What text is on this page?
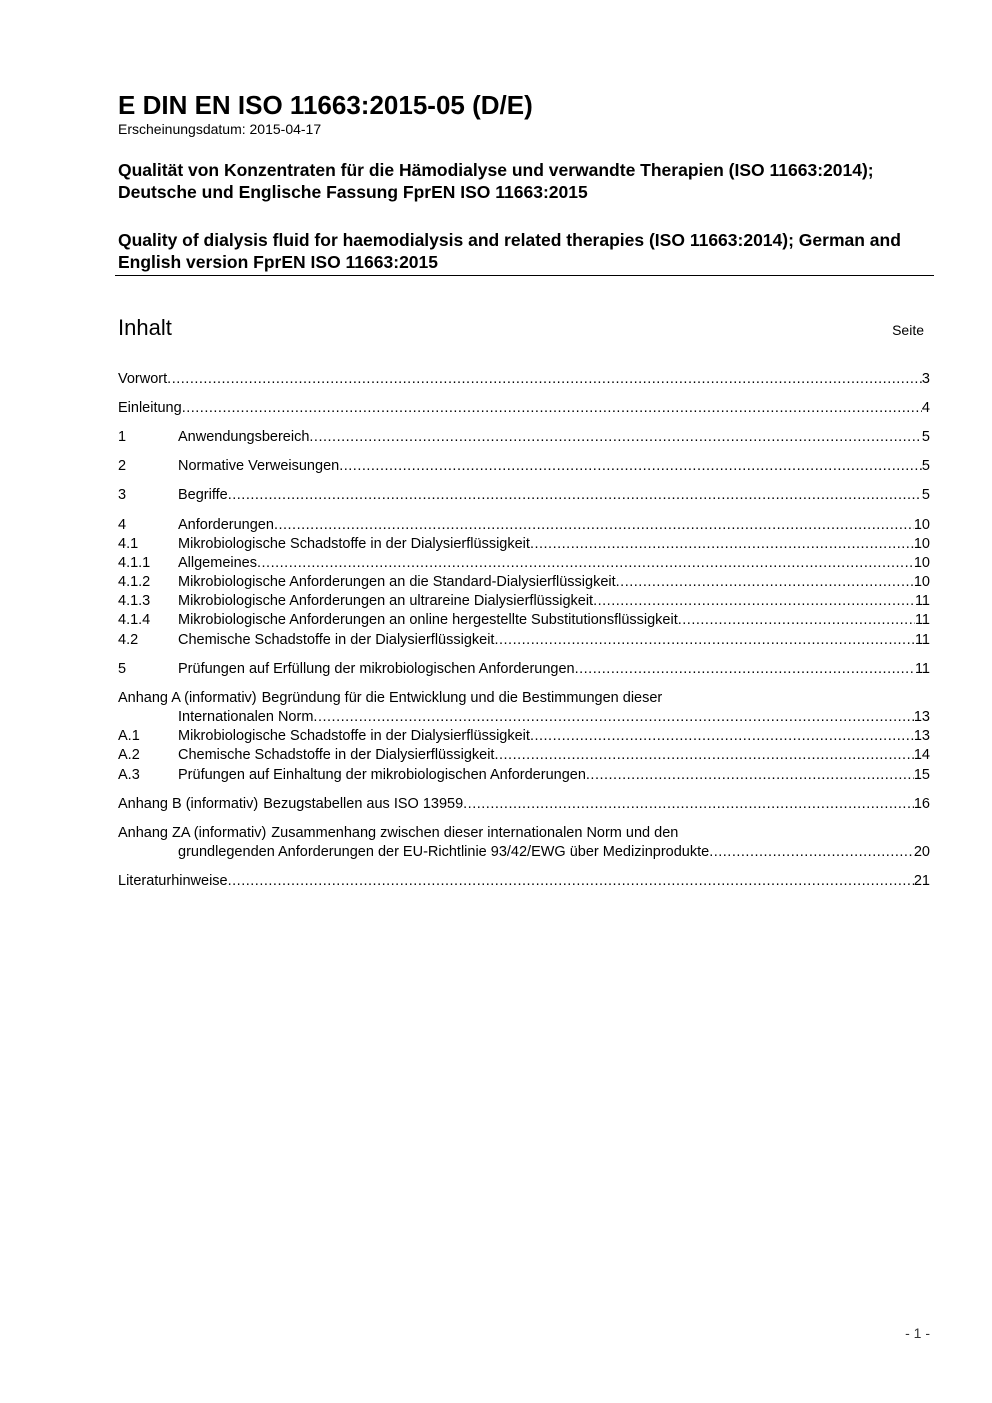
E DIN EN ISO 11663:2015-05 (D/E)
Erscheinungsdatum: 2015-04-17
Qualität von Konzentraten für die Hämodialyse und verwandte Therapien (ISO 11663:2014); Deutsche und Englische Fassung FprEN ISO 11663:2015
Quality of dialysis fluid for haemodialysis and related therapies (ISO 11663:2014); German and English version FprEN ISO 11663:2015
Inhalt	Seite
Vorwort .....	3
Einleitung .....	4
1	Anwendungsbereich .....	5
2	Normative Verweisungen .....	5
3	Begriffe .....	5
4	Anforderungen .....	10
4.1	Mikrobiologische Schadstoffe in der Dialysierflüssigkeit .....	10
4.1.1 Allgemeines .....	10
4.1.2 Mikrobiologische Anforderungen an die Standard-Dialysierflüssigkeit .....	10
4.1.3 Mikrobiologische Anforderungen an ultrareine Dialysierflüssigkeit .....	11
4.1.4 Mikrobiologische Anforderungen an online hergestellte Substitutionsflüssigkeit .....	11
4.2	Chemische Schadstoffe in der Dialysierflüssigkeit .....	11
5	Prüfungen auf Erfüllung der mikrobiologischen Anforderungen .....	11
Anhang A (informativ) Begründung für die Entwicklung und die Bestimmungen dieser
Internationalen Norm .....	13
A.1	Mikrobiologische Schadstoffe in der Dialysierflüssigkeit .....	13
A.2	Chemische Schadstoffe in der Dialysierflüssigkeit .....	14
A.3	Prüfungen auf Einhaltung der mikrobiologischen Anforderungen .....	15
Anhang B (informativ) Bezugstabellen aus ISO 13959 .....	16
Anhang ZA (informativ) Zusammenhang zwischen dieser internationalen Norm und den
grundlegenden Anforderungen der EU-Richtlinie 93/42/EWG über Medizinprodukte .....	20
Literaturhinweise .....	21
- 1 -
